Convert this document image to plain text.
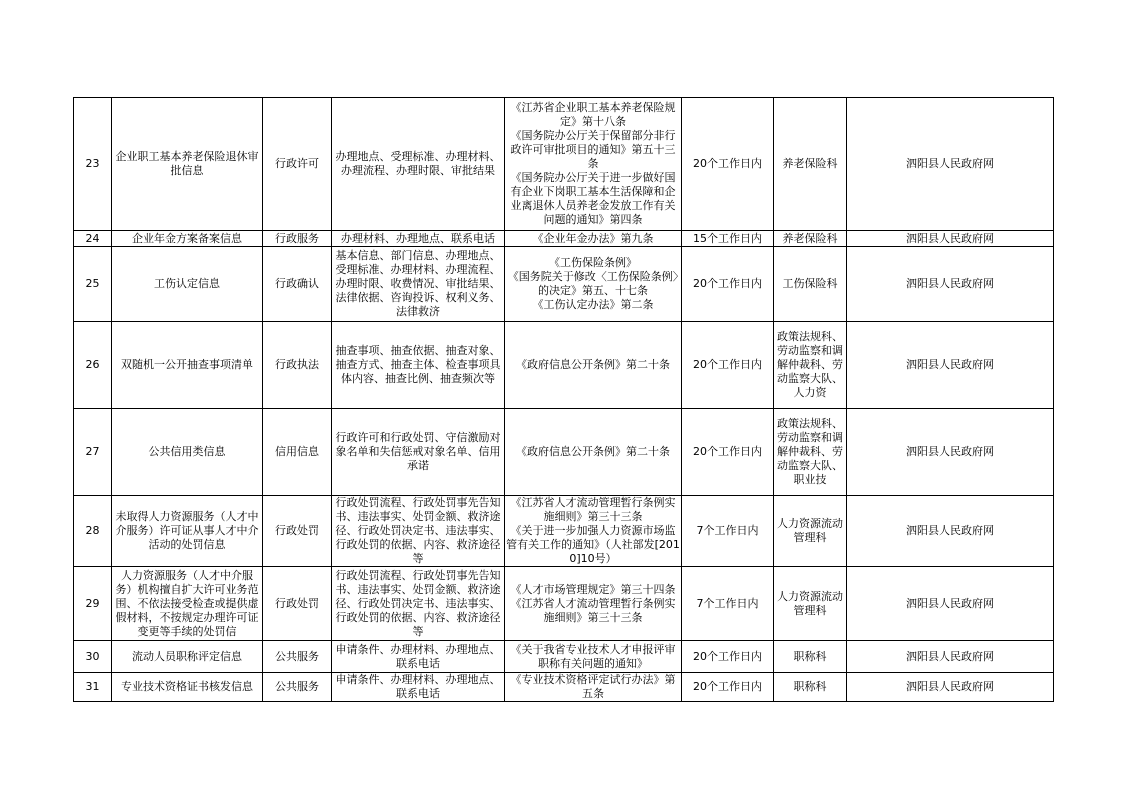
23	企业职工基本养老保险退休审批信息	行政许可	办理地点、受理标准、办理材料、办理流程、办理时限、审批结果	《江苏省企业职工基本养老保险规定》第十八条
《国务院办公厅关于保留部分非行政许可审批项目的通知》第五十三条
《国务院办公厅关于进一步做好国有企业下岗职工基本生活保障和企业离退休人员养老金发放工作有关问题的通知》第四条	20个工作日内	养老保险科	泗阳县人民政府网

24	企业年金方案备案信息	行政服务	办理材料、办理地点、联系电话	《企业年金办法》第九条	15个工作日内	养老保险科	泗阳县人民政府网

25	工伤认定信息	行政确认	基本信息、部门信息、办理地点、受理标准、办理材料、办理流程、办理时限、收费情况、审批结果、法律依据、咨询投诉、权利义务、法律救济	《工伤保险条例》
《国务院关于修改〈工伤保险条例〉的决定》第五、十七条
《工伤认定办法》第二条	20个工作日内	工伤保险科	泗阳县人民政府网

26	双随机一公开抽查事项清单	行政执法	抽查事项、抽查依据、抽查对象、抽查方式、抽查主体、检查事项具体内容、抽查比例、抽查频次等	《政府信息公开条例》第二十条	20个工作日内	政策法规科、劳动监察和调解仲裁科、劳动监察大队、人力资	泗阳县人民政府网

27	公共信用类信息	信用信息	行政许可和行政处罚、守信激励对象名单和失信惩戒对象名单、信用承诺	《政府信息公开条例》第二十条	20个工作日内	政策法规科、劳动监察和调解仲裁科、劳动监察大队、职业技	泗阳县人民政府网

28	未取得人力资源服务（人才中介服务）许可证从事人才中介活动的处罚信息	行政处罚	行政处罚流程、行政处罚事先告知书、违法事实、处罚金额、救济途径、行政处罚决定书、违法事实、行政处罚的依据、内容、救济途径等	《江苏省人才流动管理暂行条例实施细则》第三十三条
《关于进一步加强人力资源市场监管有关工作的通知》（人社部发[2010]10号）	7个工作日内	人力资源流动管理科	泗阳县人民政府网

29	人力资源服务（人才中介服务）机构擅自扩大许可业务范围、不依法接受检查或提供虚假材料，不按规定办理许可证变更等手续的处罚信	行政处罚	行政处罚流程、行政处罚事先告知书、违法事实、处罚金额、救济途径、行政处罚决定书、违法事实、行政处罚的依据、内容、救济途径等	《人才市场管理规定》第三十四条
《江苏省人才流动管理暂行条例实施细则》第三十三条	7个工作日内	人力资源流动管理科	泗阳县人民政府网

30	流动人员职称评定信息	公共服务	申请条件、办理材料、办理地点、联系电话	《关于我省专业技术人才申报评审职称有关问题的通知》	20个工作日内	职称科	泗阳县人民政府网

31	专业技术资格证书核发信息	公共服务	申请条件、办理材料、办理地点、联系电话	《专业技术资格评定试行办法》第五条	20个工作日内	职称科	泗阳县人民政府网
